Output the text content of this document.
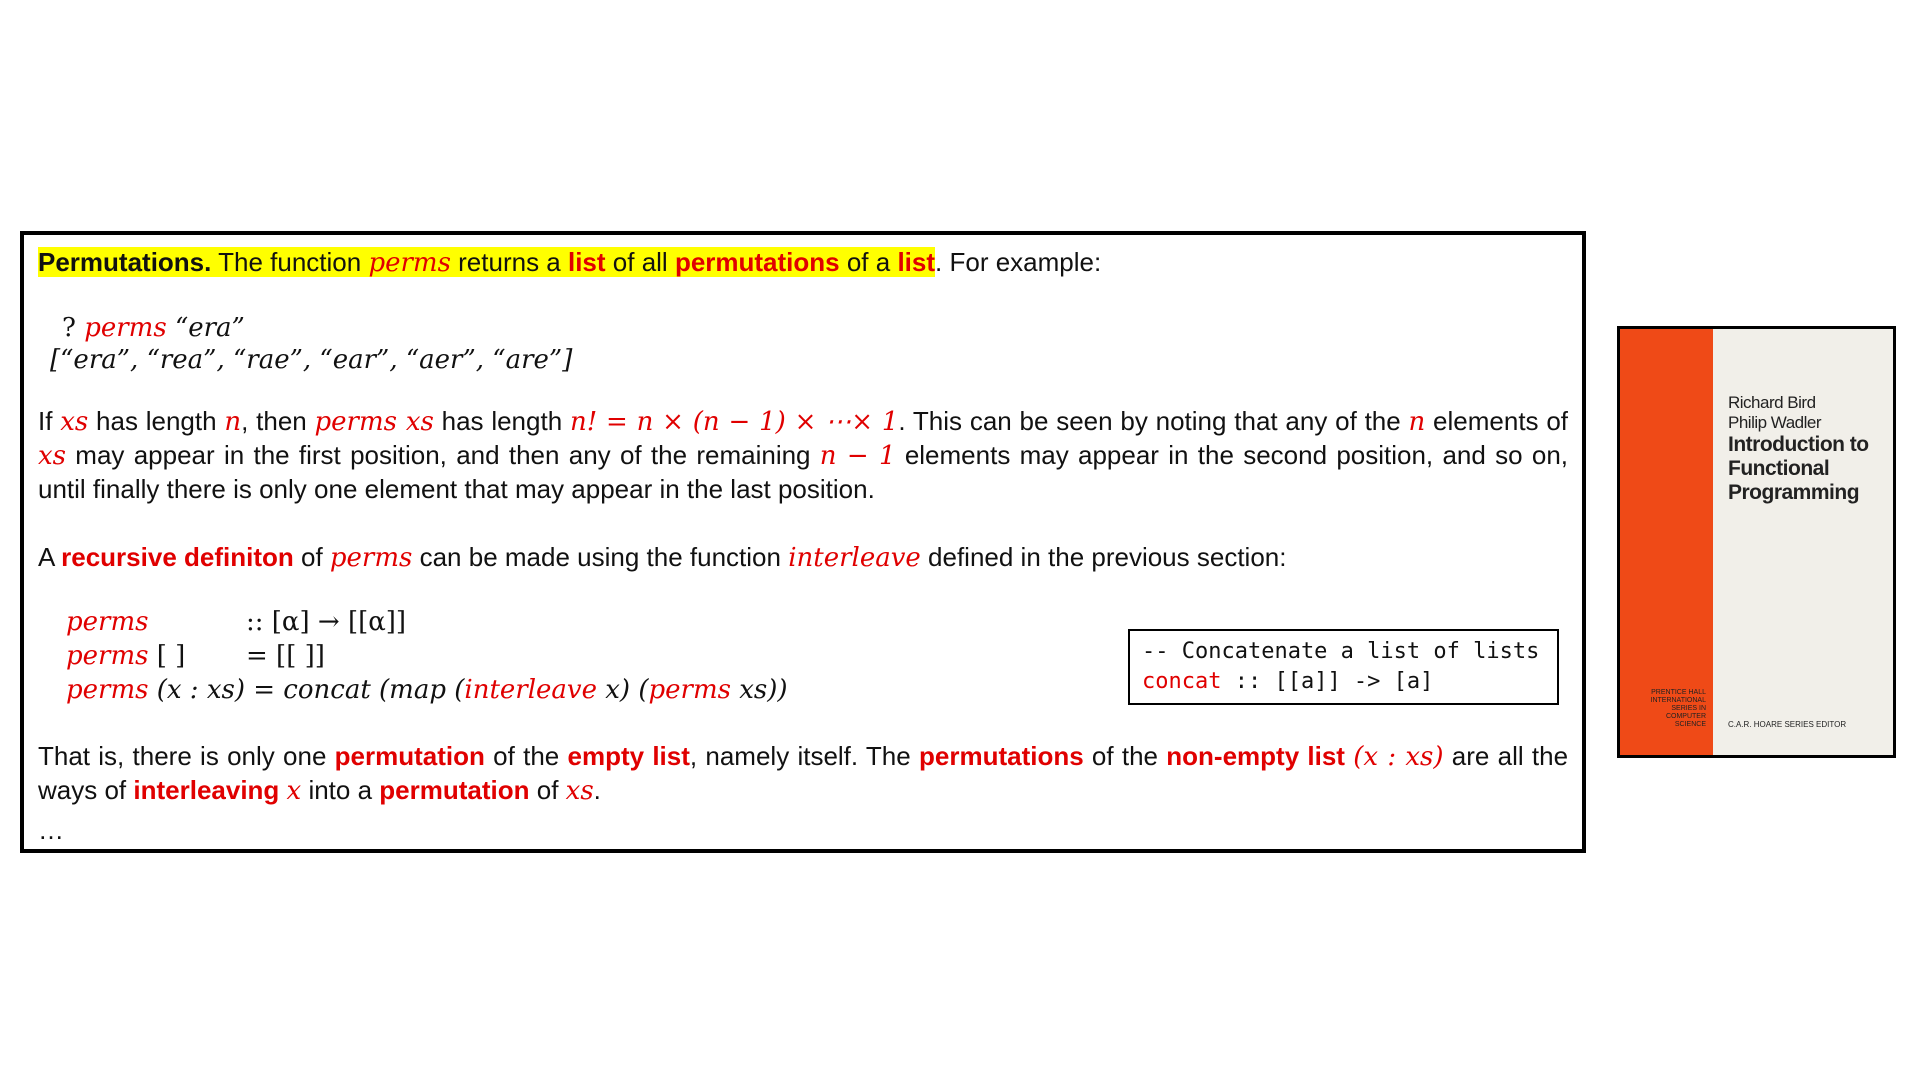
Permutations. The function perms returns a list of all permutations of a list. For example:
? perms “era”
[“era”, “rea”, “rae”, “ear”, “aer”, “are”]
If xs has length n, then perms xs has length n! = n × (n − 1) × ⋯× 1. This can be seen by noting that any of the n elements of xs may appear in the first position, and then any of the remaining n − 1 elements may appear in the second position, and so on, until finally there is only one element that may appear in the last position.
A recursive definiton of perms can be made using the function interleave defined in the previous section:
perms	:: [α] → [[α]]
perms [ ] = [[ ]]
perms (x : xs) = concat (map (interleave x) (perms xs))
-- Concatenate a list of lists
concat :: [[a]] -> [a]
That is, there is only one permutation of the empty list, namely itself. The permutations of the non-empty list (x : xs) are all the ways of interleaving x into a permutation of xs.
…
Richard Bird
Philip Wadler
Introduction to
Functional
Programming
PRENTICE HALL
INTERNATIONAL
SERIES IN
COMPUTER
SCIENCE	C.A.R. HOARE SERIES EDITOR
